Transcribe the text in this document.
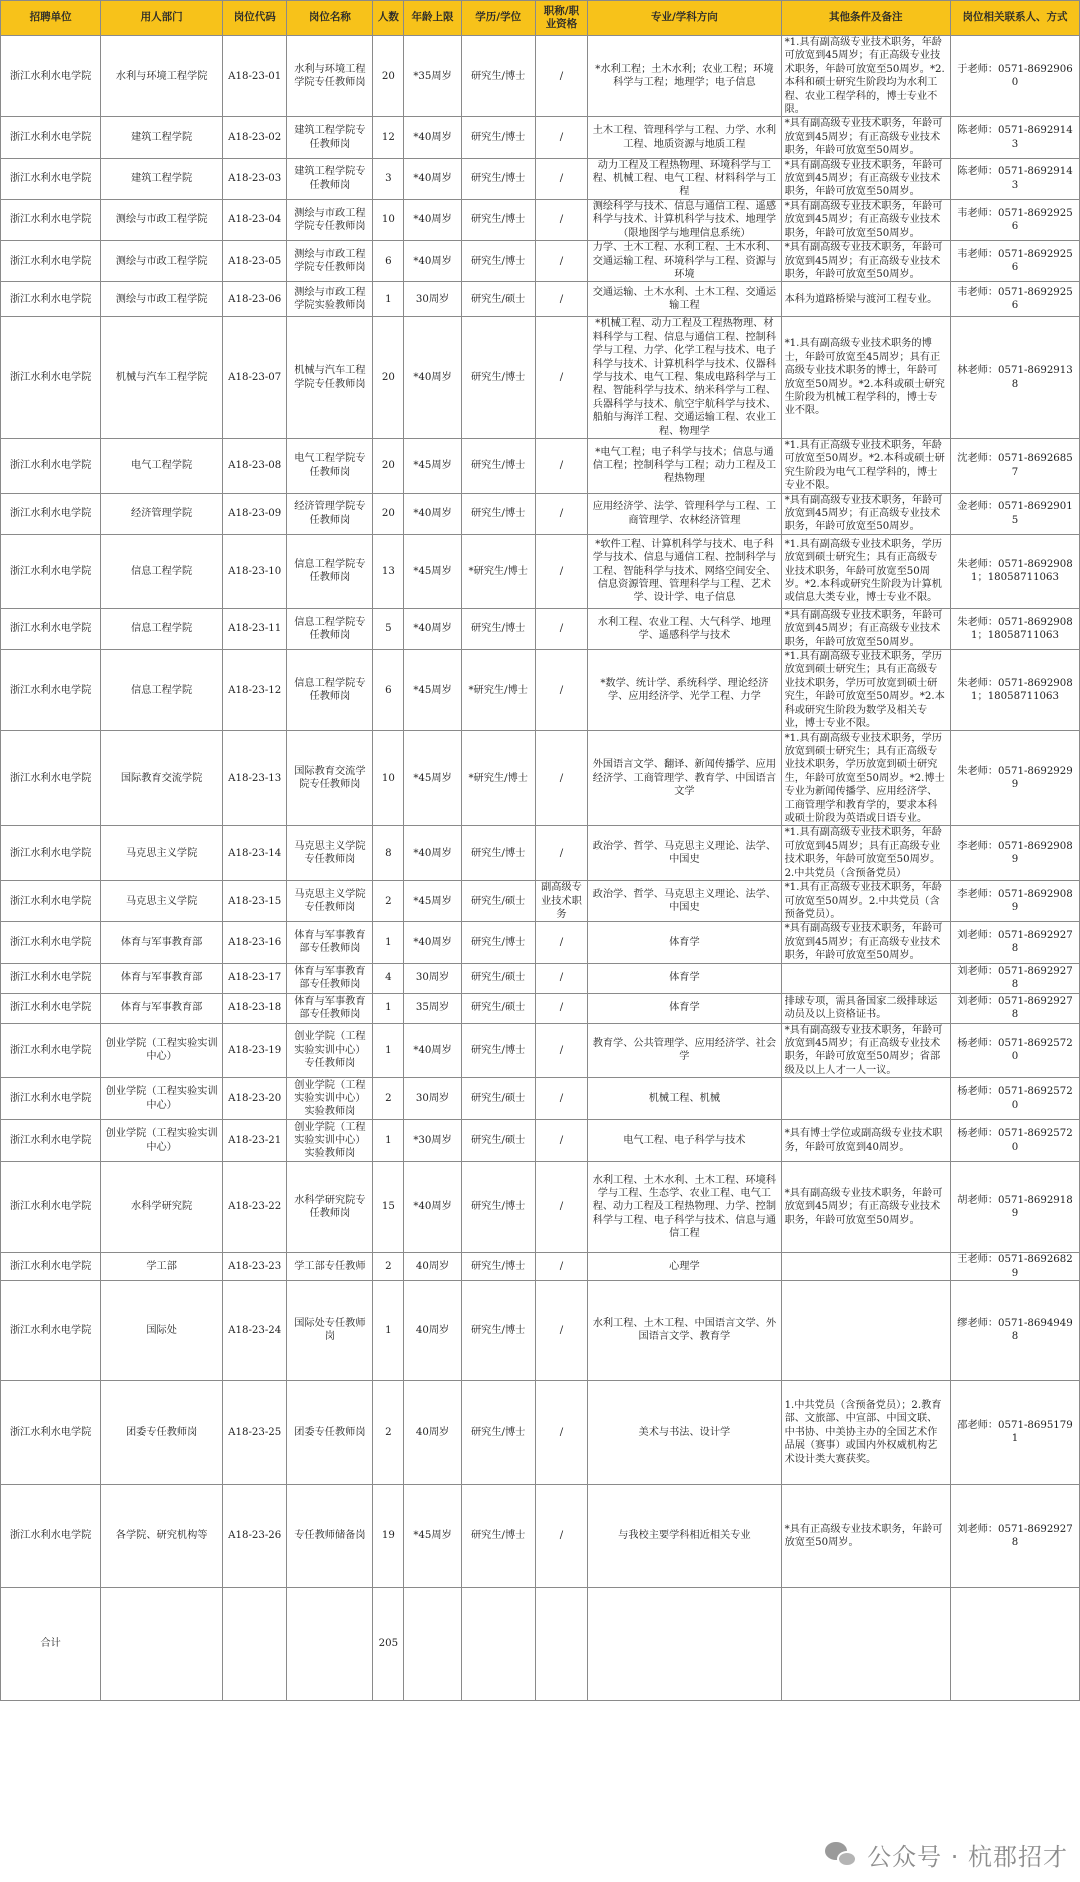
招聘单位	用人部门	岗位代码	岗位名称	人数	年龄上限	学历/学位	职称/职业资格	专业/学科方向	其他条件及备注	岗位相关联系人、方式
浙江水利水电学院	水利与环境工程学院	A18-23-01	水利与环境工程学院专任教师岗	20	*35周岁	研究生/博士	/	*水利工程；土木水利；农业工程；环境科学与工程；地理学；电子信息	*1.具有副高级专业技术职务，年龄可放宽到45周岁；有正高级专业技术职务，年龄可放宽至50周岁。*2.本科和硕士研究生阶段均为水利工程、农业工程学科的，博士专业不限。	于老师：0571-86929060
浙江水利水电学院	建筑工程学院	A18-23-02	建筑工程学院专任教师岗	12	*40周岁	研究生/博士	/	土木工程、管理科学与工程、力学、水利工程、地质资源与地质工程	*具有副高级专业技术职务，年龄可放宽到45周岁；有正高级专业技术职务，年龄可放宽至50周岁。	陈老师：0571-86929143
浙江水利水电学院	建筑工程学院	A18-23-03	建筑工程学院专任教师岗	3	*40周岁	研究生/博士	/	动力工程及工程热物理、环境科学与工程、机械工程、电气工程、材料科学与工程	*具有副高级专业技术职务，年龄可放宽到45周岁；有正高级专业技术职务，年龄可放宽至50周岁。	陈老师：0571-86929143
浙江水利水电学院	测绘与市政工程学院	A18-23-04	测绘与市政工程学院专任教师岗	10	*40周岁	研究生/博士	/	测绘科学与技术、信息与通信工程、遥感科学与技术、计算机科学与技术、地理学（限地图学与地理信息系统）	*具有副高级专业技术职务，年龄可放宽到45周岁；有正高级专业技术职务，年龄可放宽至50周岁。	韦老师：0571-86929256
浙江水利水电学院	测绘与市政工程学院	A18-23-05	测绘与市政工程学院专任教师岗	6	*40周岁	研究生/博士	/	力学、土木工程、水利工程、土木水利、交通运输工程、环境科学与工程、资源与环境	*具有副高级专业技术职务，年龄可放宽到45周岁；有正高级专业技术职务，年龄可放宽至50周岁。	韦老师：0571-86929256
浙江水利水电学院	测绘与市政工程学院	A18-23-06	测绘与市政工程学院实验教师岗	1	30周岁	研究生/硕士	/	交通运输、土木水利、土木工程、交通运输工程	本科为道路桥梁与渡河工程专业。	韦老师：0571-86929256
浙江水利水电学院	机械与汽车工程学院	A18-23-07	机械与汽车工程学院专任教师岗	20	*40周岁	研究生/博士	/	*机械工程、动力工程及工程热物理、材料科学与工程、信息与通信工程、控制科学与工程、力学、化学工程与技术、电子科学与技术、计算机科学与技术、仪器科学与技术、电气工程、集成电路科学与工程、智能科学与技术、纳米科学与工程、兵器科学与技术、航空宇航科学与技术、船舶与海洋工程、交通运输工程、农业工程、物理学	*1.具有副高级专业技术职务的博士，年龄可放宽至45周岁；具有正高级专业技术职务的博士，年龄可放宽至50周岁。*2.本科或硕士研究生阶段为机械工程学科的，博士专业不限。	林老师：0571-86929138
浙江水利水电学院	电气工程学院	A18-23-08	电气工程学院专任教师岗	20	*45周岁	研究生/博士	/	*电气工程；电子科学与技术；信息与通信工程；控制科学与工程；动力工程及工程热物理	*1.具有正高级专业技术职务，年龄可放宽至50周岁。*2.本科或硕士研究生阶段为电气工程学科的，博士专业不限。	沈老师：0571-86926857
浙江水利水电学院	经济管理学院	A18-23-09	经济管理学院专任教师岗	20	*40周岁	研究生/博士	/	应用经济学、法学、管理科学与工程、工商管理学、农林经济管理	*具有副高级专业技术职务，年龄可放宽到45周岁；有正高级专业技术职务，年龄可放宽至50周岁。	金老师：0571-86929015
浙江水利水电学院	信息工程学院	A18-23-10	信息工程学院专任教师岗	13	*45周岁	*研究生/博士	/	*软件工程、计算机科学与技术、电子科学与技术、信息与通信工程、控制科学与工程、智能科学与技术、网络空间安全、信息资源管理、管理科学与工程、艺术学、设计学、电子信息	*1.具有副高级专业技术职务，学历放宽到硕士研究生；具有正高级专业技术职务，年龄可放宽至50周岁。*2.本科或研究生阶段为计算机或信息大类专业，博士专业不限。	朱老师：0571-86929081；18058711063
浙江水利水电学院	信息工程学院	A18-23-11	信息工程学院专任教师岗	5	*40周岁	研究生/博士	/	水利工程、农业工程、大气科学、地理学、遥感科学与技术	*具有副高级专业技术职务，年龄可放宽到45周岁；有正高级专业技术职务，年龄可放宽至50周岁。	朱老师：0571-86929081；18058711063
浙江水利水电学院	信息工程学院	A18-23-12	信息工程学院专任教师岗	6	*45周岁	*研究生/博士	/	*数学、统计学、系统科学、理论经济学、应用经济学、光学工程、力学	*1.具有副高级专业技术职务，学历放宽到硕士研究生；具有正高级专业技术职务，学历可放宽到硕士研究生，年龄可放宽至50周岁。*2.本科或研究生阶段为数学及相关专业，博士专业不限。	朱老师：0571-86929081；18058711063
浙江水利水电学院	国际教育交流学院	A18-23-13	国际教育交流学院专任教师岗	10	*45周岁	*研究生/博士	/	外国语言文学、翻译、新闻传播学、应用经济学、工商管理学、教育学、中国语言文学	*1.具有副高级专业技术职务，学历放宽到硕士研究生；具有正高级专业技术职务，学历放宽到硕士研究生，年龄可放宽至50周岁。*2.博士专业为新闻传播学、应用经济学、工商管理学和教育学的，要求本科或硕士阶段为英语或日语专业。	朱老师：0571-86929299
浙江水利水电学院	马克思主义学院	A18-23-14	马克思主义学院专任教师岗	8	*40周岁	研究生/博士	/	政治学、哲学、马克思主义理论、法学、中国史	*1.具有副高级专业技术职务，年龄可放宽到45周岁；具有正高级专业技术职务，年龄可放宽至50周岁。2.中共党员（含预备党员）	李老师：0571-86929089
浙江水利水电学院	马克思主义学院	A18-23-15	马克思主义学院专任教师岗	2	*45周岁	研究生/硕士	副高级专业技术职务	政治学、哲学、马克思主义理论、法学、中国史	*1.具有正高级专业技术职务，年龄可放宽至50周岁。2.中共党员（含预备党员）。	李老师：0571-86929089
浙江水利水电学院	体育与军事教育部	A18-23-16	体育与军事教育部专任教师岗	1	*40周岁	研究生/博士	/	体育学	*具有副高级专业技术职务，年龄可放宽到45周岁；有正高级专业技术职务，年龄可放宽至50周岁。	刘老师：0571-86929278
浙江水利水电学院	体育与军事教育部	A18-23-17	体育与军事教育部专任教师岗	4	30周岁	研究生/硕士	/	体育学		刘老师：0571-86929278
浙江水利水电学院	体育与军事教育部	A18-23-18	体育与军事教育部专任教师岗	1	35周岁	研究生/硕士	/	体育学	排球专项，需具备国家二级排球运动员及以上资格证书。	刘老师：0571-86929278
浙江水利水电学院	创业学院（工程实验实训中心）	A18-23-19	创业学院（工程实验实训中心）专任教师岗	1	*40周岁	研究生/博士	/	教育学、公共管理学、应用经济学、社会学	*具有副高级专业技术职务，年龄可放宽到45周岁；有正高级专业技术职务，年龄可放宽至50周岁；省部级及以上人才一人一议。	杨老师：0571-86925720
浙江水利水电学院	创业学院（工程实验实训中心）	A18-23-20	创业学院（工程实验实训中心）实验教师岗	2	30周岁	研究生/硕士	/	机械工程、机械		杨老师：0571-86925720
浙江水利水电学院	创业学院（工程实验实训中心）	A18-23-21	创业学院（工程实验实训中心）实验教师岗	1	*30周岁	研究生/硕士	/	电气工程、电子科学与技术	*具有博士学位或副高级专业技术职务，年龄可放宽到40周岁。	杨老师：0571-86925720
浙江水利水电学院	水科学研究院	A18-23-22	水科学研究院专任教师岗	15	*40周岁	研究生/博士	/	水利工程、土木水利、土木工程、环境科学与工程、生态学、农业工程、电气工程、动力工程及工程热物理、力学、控制科学与工程、电子科学与技术、信息与通信工程	*具有副高级专业技术职务，年龄可放宽到45周岁；有正高级专业技术职务，年龄可放宽至50周岁。	胡老师：0571-86929189
浙江水利水电学院	学工部	A18-23-23	学工部专任教师	2	40周岁	研究生/博士	/	心理学		王老师：0571-86926829
浙江水利水电学院	国际处	A18-23-24	国际处专任教师岗	1	40周岁	研究生/博士	/	水利工程、土木工程、中国语言文学、外国语言文学、教育学		缪老师：0571-86949498
浙江水利水电学院	团委专任教师岗	A18-23-25	团委专任教师岗	2	40周岁	研究生/博士	/	美术与书法、设计学	1.中共党员（含预备党员）；2.教育部、文旅部、中宣部、中国文联、中书协、中美协主办的全国艺术作品展（赛事）或国内外权威机构艺术设计类大赛获奖。	邵老师：0571-86951791
浙江水利水电学院	各学院、研究机构等	A18-23-26	专任教师储备岗	19	*45周岁	研究生/博士	/	与我校主要学科相近相关专业	*具有正高级专业技术职务，年龄可放宽至50周岁。	刘老师：0571-86929278
合计				205						
公众号 · 杭郡招才
